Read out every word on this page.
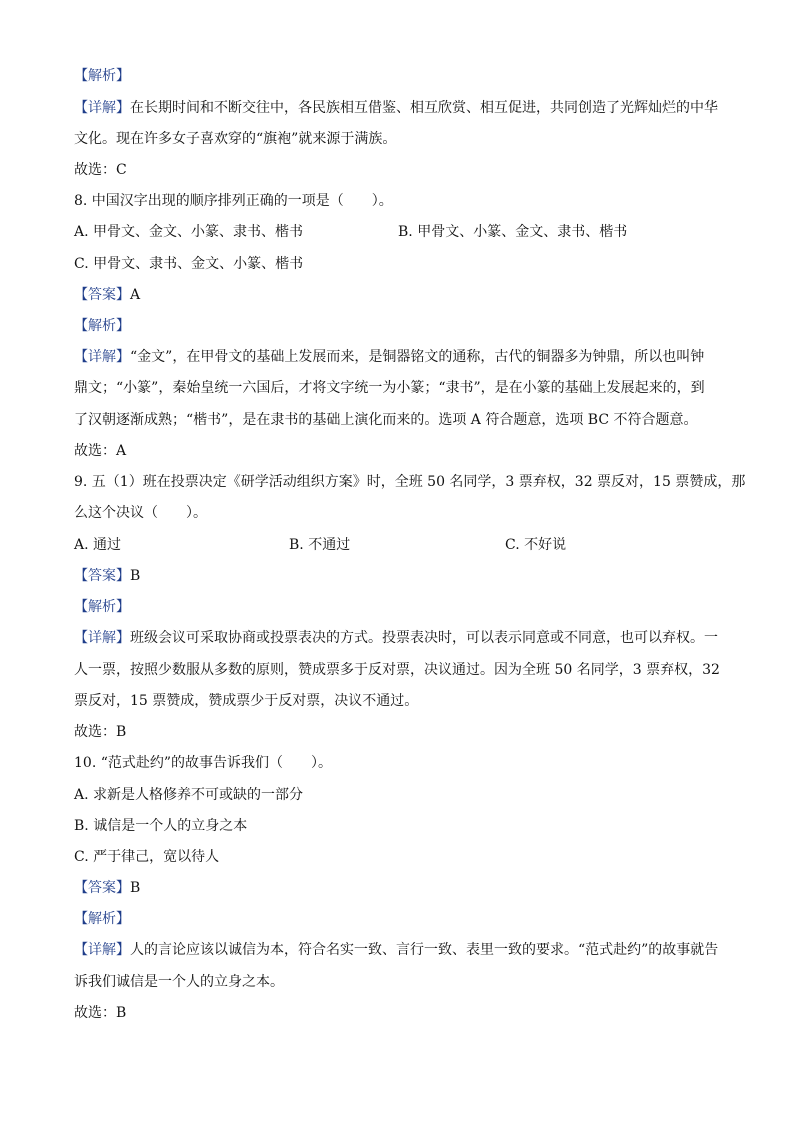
【解析】
【详解】在长期时间和不断交往中，各民族相互借鉴、相互欣赏、相互促进，共同创造了光辉灿烂的中华
文化。现在许多女子喜欢穿的“旗袍”就来源于满族。
故选：C
8. 中国汉字出现的顺序排列正确的一项是（　　）。
A. 甲骨文、金文、小篆、隶书、楷书	B. 甲骨文、小篆、金文、隶书、楷书
C. 甲骨文、隶书、金文、小篆、楷书
【答案】A
【解析】
【详解】“金文”，在甲骨文的基础上发展而来，是铜器铭文的通称，古代的铜器多为钟鼎，所以也叫钟
鼎文；“小篆”，秦始皇统一六国后，才将文字统一为小篆；“隶书”，是在小篆的基础上发展起来的，到
了汉朝逐渐成熟；“楷书”，是在隶书的基础上演化而来的。选项 A 符合题意，选项 BC 不符合题意。
故选：A
9. 五（1）班在投票决定《研学活动组织方案》时，全班 50 名同学，3 票弃权，32 票反对，15 票赞成，那
么这个决议（　　）。
A. 通过	B. 不通过	C. 不好说
【答案】B
【解析】
【详解】班级会议可采取协商或投票表决的方式。投票表决时，可以表示同意或不同意，也可以弃权。一
人一票，按照少数服从多数的原则，赞成票多于反对票，决议通过。因为全班 50 名同学，3 票弃权，32
票反对，15 票赞成，赞成票少于反对票，决议不通过。
故选：B
10. “范式赴约”的故事告诉我们（　　）。
A. 求新是人格修养不可或缺的一部分
B. 诚信是一个人的立身之本
C. 严于律己，宽以待人
【答案】B
【解析】
【详解】人的言论应该以诚信为本，符合名实一致、言行一致、表里一致的要求。“范式赴约”的故事就告
诉我们诚信是一个人的立身之本。
故选：B
